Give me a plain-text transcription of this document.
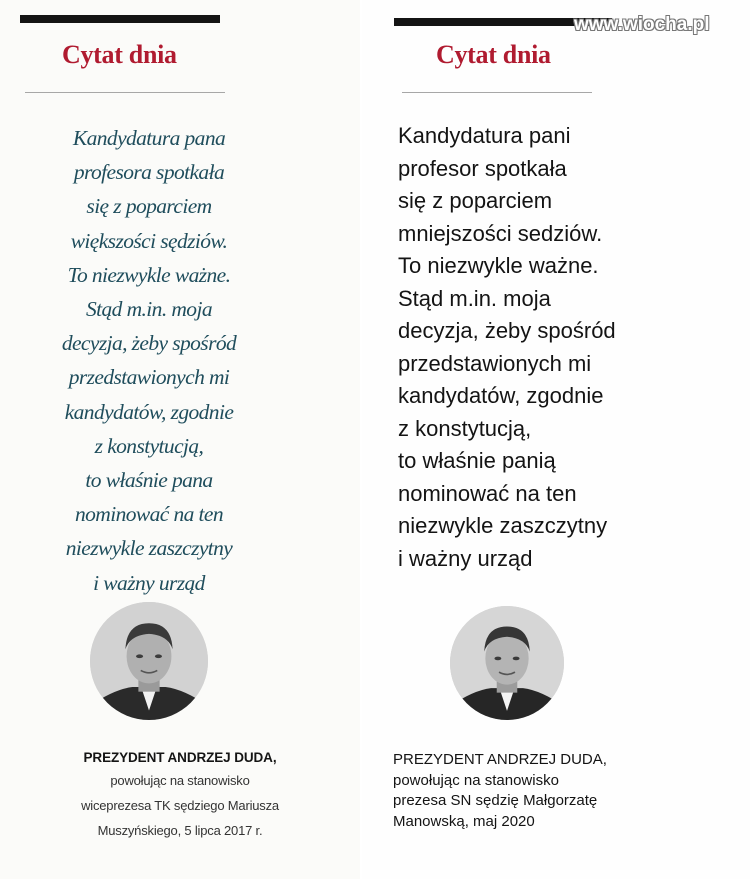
Cytat dnia
Kandydatura pana
profesora spotkała
się z poparciem
większości sędziów.
To niezwykle ważne.
Stąd m.in. moja
decyzja, żeby spośród
przedstawionych mi
kandydatów, zgodnie
z konstytucją,
to właśnie pana
nominować na ten
niezwykle zaszczytny
i ważny urząd
PREZYDENT ANDRZEJ DUDA,
powołując na stanowisko
wiceprezesa TK sędziego Mariusza
Muszyńskiego, 5 lipca 2017 r.
Cytat dnia
Kandydatura pani
profesor spotkała
się z poparciem
mniejszości sedziów.
To niezwykle ważne.
Stąd m.in. moja
decyzja, żeby spośród
przedstawionych mi
kandydatów, zgodnie
z konstytucją,
to właśnie panią
nominować na ten
niezwykle zaszczytny
i ważny urząd
PREZYDENT ANDRZEJ DUDA,
powołując na stanowisko
prezesa SN sędzię Małgorzatę
Manowską, maj 2020
www.wiocha.pl
